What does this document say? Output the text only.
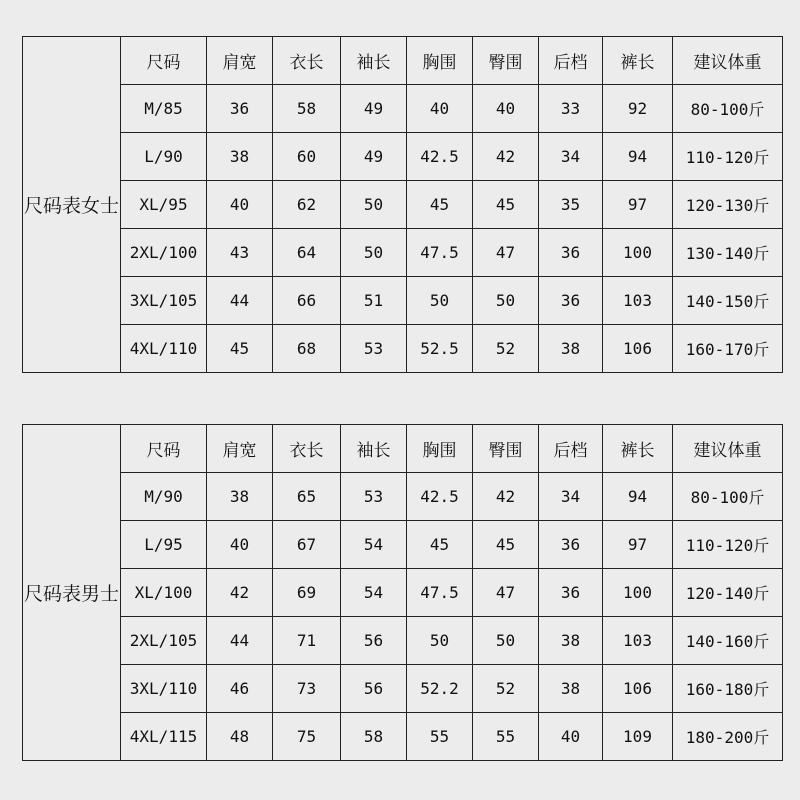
尺码表女士	尺码	肩宽	衣长	袖长	胸围	臀围	后档	裤长	建议体重
	M/85	36	58	49	40	40	33	92	80-100斤
	L/90	38	60	49	42.5	42	34	94	110-120斤
	XL/95	40	62	50	45	45	35	97	120-130斤
	2XL/100	43	64	50	47.5	47	36	100	130-140斤
	3XL/105	44	66	51	50	50	36	103	140-150斤
	4XL/110	45	68	53	52.5	52	38	106	160-170斤
尺码表男士	尺码	肩宽	衣长	袖长	胸围	臀围	后档	裤长	建议体重
	M/90	38	65	53	42.5	42	34	94	80-100斤
	L/95	40	67	54	45	45	36	97	110-120斤
	XL/100	42	69	54	47.5	47	36	100	120-140斤
	2XL/105	44	71	56	50	50	38	103	140-160斤
	3XL/110	46	73	56	52.2	52	38	106	160-180斤
	4XL/115	48	75	58	55	55	40	109	180-200斤
